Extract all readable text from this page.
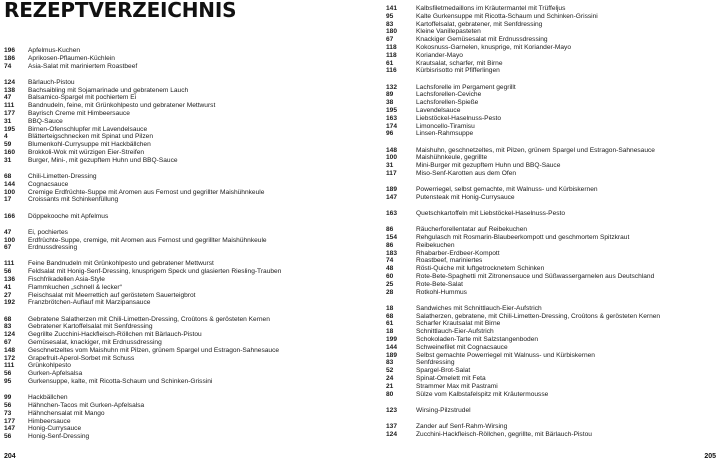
REZEPTVERZEICHNIS
196	Apfelmus-Kuchen
186	Aprikosen-Pflaumen-Küchlein
74	Asia-Salat mit mariniertem Roastbeef
124	Bärlauch-Pistou
138	Bachsaibling mit Sojamarinade und gebratenem Lauch
47	Balsamico-Spargel mit pochiertem Ei
111	Bandnudeln, feine, mit Grünkohlpesto und gebratener Mettwurst
177	Bayrisch Creme mit Himbeersauce
31	BBQ-Sauce
195	Birnen-Ofenschlupfer mit Lavendelsauce
4	Blätterteigschnecken mit Spinat und Pilzen
59	Blumenkohl-Currysuppe mit Hackbällchen
160	Brokkoli-Wok mit würzigen Eier-Streifen
31	Burger, Mini-, mit gezupftem Huhn und BBQ-Sauce
68	Chili-Limetten-Dressing
144	Cognacsauce
100	Cremige Erdfrüchte-Suppe mit Aromen aus Fernost und gegrillter Maishühnkeule
17	Croissants mit Schinkenfüllung
166	Döppekooche mit Apfelmus
47	Ei, pochiertes
100	Erdfrüchte-Suppe, cremige, mit Aromen aus Fernost und gegrillter Maishühnkeule
67	Erdnussdressing
111	Feine Bandnudeln mit Grünkohlpesto und gebratener Mettwurst
56	Feldsalat mit Honig-Senf-Dressing, knusprigem Speck und glasierten Riesling-Trauben
136	Fischfrikadellen Asia-Style
41	Flammkuchen „schnell & lecker“
27	Fleischsalat mit Meerrettich auf geröstetem Sauerteigbrot
192	Franzbrötchen-Auflauf mit Marzipansauce
68	Gebratene Salatherzen mit Chili-Limetten-Dressing, Croûtons & gerösteten Kernen
83	Gebratener Kartoffelsalat mit Senfdressing
124	Gegrillte Zucchini-Hackfleisch-Röllchen mit Bärlauch-Pistou
67	Gemüsesalat, knackiger, mit Erdnussdressing
148	Geschnetzeltes vom Maishuhn mit Pilzen, grünem Spargel und Estragon-Sahnesauce
172	Grapefruit-Aperol-Sorbet mit Schuss
111	Grünkohlpesto
56	Gurken-Apfelsalsa
95	Gurkensuppe, kalte, mit Ricotta-Schaum und Schinken-Grissini
99	Hackbällchen
56	Hähnchen-Tacos mit Gurken-Apfelsalsa
73	Hähnchensalat mit Mango
177	Himbeersauce
147	Honig-Currysauce
56	Honig-Senf-Dressing
141	Kalbsfiletmedaillons im Kräutermantel mit Trüffeljus
95	Kalte Gurkensuppe mit Ricotta-Schaum und Schinken-Grissini
83	Kartoffelsalat, gebratener, mit Senfdressing
180	Kleine Vanillepasteten
67	Knackiger Gemüsesalat mit Erdnussdressing
118	Kokosnuss-Garnelen, knusprige, mit Koriander-Mayo
118	Koriander-Mayo
61	Krautsalat, scharfer, mit Birne
116	Kürbisrisotto mit Pfifferlingen
132	Lachsforelle im Pergament gegrillt
89	Lachsforellen-Ceviche
38	Lachsforellen-Spieße
195	Lavendelsauce
163	Liebstöckel-Haselnuss-Pesto
174	Limoncello-Tiramisu
96	Linsen-Rahmsuppe
148	Maishuhn, geschnetzeltes, mit Pilzen, grünem Spargel und Estragon-Sahnesauce
100	Maishühnkeule, gegrillte
31	Mini-Burger mit gezupftem Huhn und BBQ-Sauce
117	Miso-Senf-Karotten aus dem Ofen
189	Powerriegel, selbst gemachte, mit Walnuss- und Kürbiskernen
147	Putensteak mit Honig-Currysauce
163	Quetschkartoffeln mit Liebstöckel-Haselnuss-Pesto
86	Räucherforellentatar auf Reibekuchen
154	Rehgulasch mit Rosmarin-Blaubeerkompott und geschmortem Spitzkraut
86	Reibekuchen
183	Rhabarber-Erdbeer-Kompott
74	Roastbeef, mariniertes
48	Rösti-Quiche mit luftgetrocknetem Schinken
60	Rote-Bete-Spaghetti mit Zitronensauce und Süßwassergarnelen aus Deutschland
25	Rote-Bete-Salat
28	Rotkohl-Hummus
18	Sandwiches mit Schnittlauch-Eier-Aufstrich
68	Salatherzen, gebratene, mit Chili-Limetten-Dressing, Croûtons & gerösteten Kernen
61	Scharfer Krautsalat mit Birne
18	Schnittlauch-Eier-Aufstrich
199	Schokoladen-Tarte mit Salzstangenboden
144	Schweinefilet mit Cognacsauce
189	Selbst gemachte Powerriegel mit Walnuss- und Kürbiskernen
83	Senfdressing
52	Spargel-Brot-Salat
24	Spinat-Omelett mit Feta
21	Strammer Max mit Pastrami
80	Sülze vom Kalbstafelspitz mit Kräutermousse
123	Wirsing-Pilzstrudel
137	Zander auf Senf-Rahm-Wirsing
124	Zucchini-Hackfleisch-Röllchen, gegrillte, mit Bärlauch-Pistou
204	205
